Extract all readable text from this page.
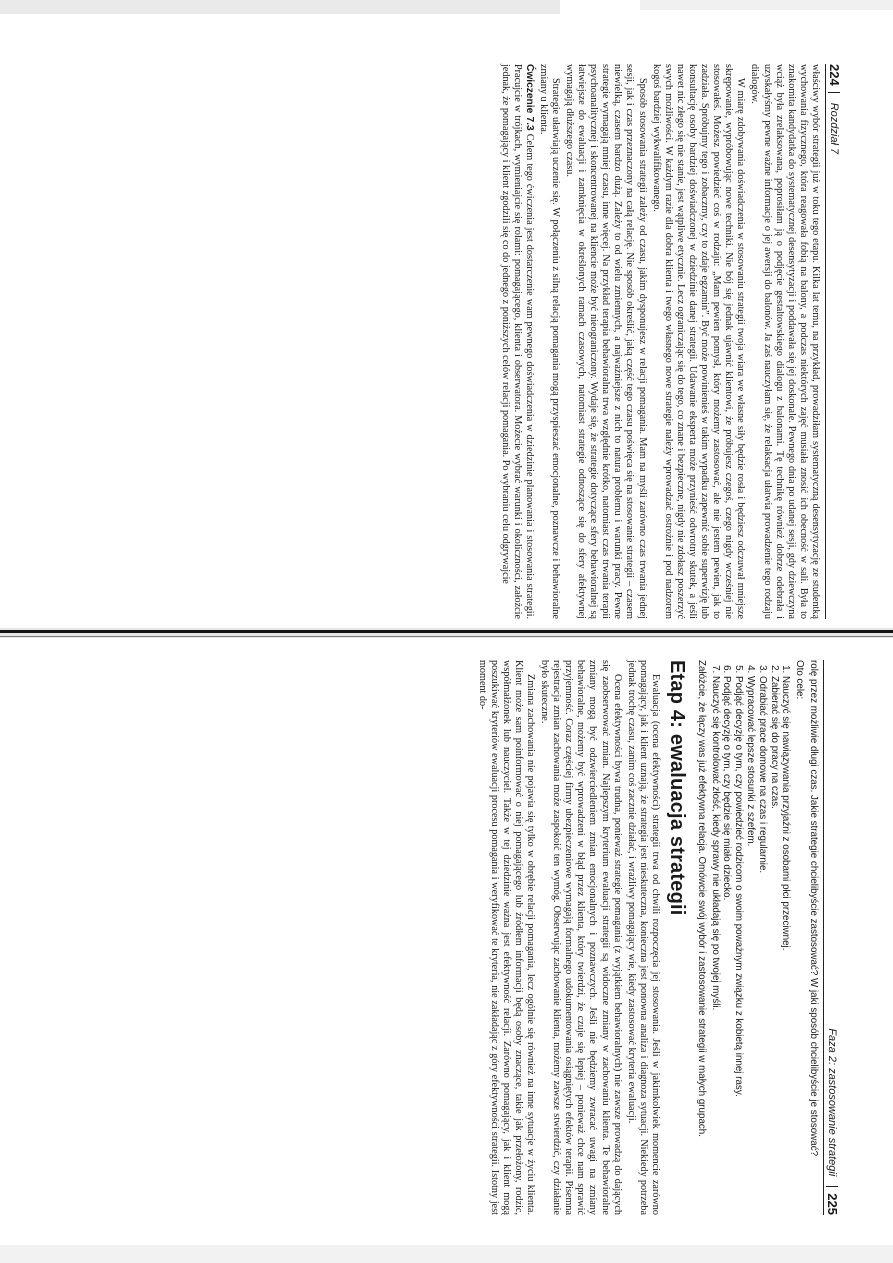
224
Rozdział 7

właściwy wybór strategii już w toku tego etapu. Kilka lat temu, na przykład, prowadziłam systematyczną desensytyzację ze studentką wychowania fizycznego, która reagowała fobią na balony, a podczas niektórych zajęć musiała znosić ich obecność w sali. Była to znakomita kandydatka do systematycznej desensytyzacji i poddawała się jej doskonale. Pewnego dnia po udanej sesji, gdy dziewczyna wciąż była zrelaksowana, poprosiłam ją o podjęcie gestaltowskiego dialogu z balonami. Tę technikę również dobrze odebrała i uzyskałyśmy pewne ważne informacje o jej awersji do balonów. Ja zaś nauczyłam się, że relaksacja ułatwia prowadzenie tego rodzaju dialogów.

W miarę zdobywania doświadczenia w stosowaniu strategii twoja wiara we własne siły będzie rosła i będziesz odczuwał mniejsze skrępowanie, wypróbowując nowe techniki. Nie bój się jednak ujawnić klientowi, że próbujesz czegoś, czego nigdy wcześniej nie stosowałeś. Możesz powiedzieć coś w rodzaju: „Mam pewien pomysł, który możemy zastosować, ale nie jestem pewien, jak to zadziała. Spróbujmy tego i zobaczmy, czy to zdaje egzamin”. Być może powinienieś w takim wypadku zapewnić sobie superwizję lub konsultację osoby bardziej doświadczonej w dziedzinie danej strategii. Udawanie eksperta może przynieść odwrotny skutek, a jeśli nawet nic złego się nie stanie, jest wątpliwe etycznie. Lecz ograniczając się do tego, co znane i bezpieczne, nigdy nie zdołasz poszerzyć swych możliwości. W każdym razie dla dobra klienta i twego własnego nowe strategie należy wprowadzać ostrożnie i pod nadzorem kogoś bardziej wykwalifikowanego.

Sposób stosowania strategii zależy od czasu, jakim dysponujesz w relacji pomagania. Mam na myśli zarówno czas trwania jednej sesji, jak i czas przeznaczony na całą relację. Nie sposób określić, jaką część tego czasu poświęca się na stosowanie strategii – czasem niewielką, czasem bardzo dużą. Zależy to od wielu zmiennych, a najważniejsze z nich to natura problemu i warunki pracy. Pewne strategie wymagają mniej czasu, inne więcej. Na przykład terapia behawioralna trwa względnie krótko, natomiast czas trwania terapii psychoanalitycznej i skoncentrowanej na kliencie może być nieograniczony. Wydaje się, że strategie dotyczące sfery behawioralnej są łatwiejsze do ewaluacji i zamknięcia w określonych ramach czasowych, natomiast strategie odnoszące się do sfery afektywnej wymagają dłuższego czasu.

Strategie ułatwiają uczenie się. W połączeniu z silną relacją pomagania mogą przyspieszać emocjonalne, poznawcze i behawioralne zmiany u klienta.

Ćwiczenie 7.3 Celem tego ćwiczenia jest dostarczenie wam pewnego doświadczenia w dziedzinie planowania i stosowania strategii. Pracujcie w trójkach, wymieniajcie się rolami: pomagającego, klienta i obserwatora. Możecie wybrać warunki i okoliczności, założcie jednak, że pomagający i klient zgodzili się co do jednego z poniższych celów relacji pomagania. Po wybraniu celu odgrywajcie

Faza 2: zastosowanie strategii
225

rolę przez możliwie długi czas. Jakie strategie chcielibyście zastosować? W jaki sposób chcielibyście je stosować?

Oto cele:

1. Nauczyć się nawiązywania przyjaźni z osobami płci przeciwnej.
2. Zabierać się do pracy na czas.
3. Odrabiać prace domowe na czas i regularnie.
4. Wypracować lepsze stosunki z szefem.
5. Podjąć decyzję o tym, czy powiedzieć rodzicom o swoim poważnym związku z kobietą innej rasy.
6. Podjąć decyzję o tym, czy będzie się miało dziecko.
7. Nauczyć się kontrolować złość, kiedy sprawy nie układają się po twojej myśli.

Załóżcie, że łączy was już efektywna relacja. Omówcie swój wybór i zastosowanie strategii w małych grupach.

Etap 4: ewaluacja strategii

Ewaluacja (ocena efektywności) strategii trwa od chwili rozpoczęcia jej stosowania. Jeśli w jakimkolwiek momencie zarówno pomagający, jak i klient uznają, że strategia jest nieskuteczna, konieczna jest ponowna analiza i diagnoza sytuacji. Niekiedy potrzeba jednak trochę czasu, zanim coś zacznie działać, i wrażliwy pomagający wie, kiedy zastosować kryteria ewaluacji.

Ocena efektywności bywa trudna, ponieważ strategie pomagania (z wyjątkiem behawioralnych) nie zawsze prowadzą do dających się zaobserwować zmian. Najlepszym kryterium ewaluacji strategii są widoczne zmiany w zachowaniu klienta. Te behawioralne zmiany mogą być odzwierciedleniem zmian emocjonalnych i poznawczych. Jeśli nie będziemy zwracać uwagi na zmiany behawioralne, możemy być wprowadzeni w błąd przez klienta, który twierdzi, że czuje się lepiej – ponieważ chce nam sprawić przyjemność. Coraz częściej firmy ubezpieczeniowe wymagają formalnego udokumentowania osiągniętych efektów terapii. Pisemna rejestracja zmian zachowania może zaspokoić ten wymóg. Obserwując zachowanie klienta, możemy zawsze stwierdzić, czy działanie było skuteczne.

Zmiana zachowania nie pojawia się tylko w obrębie relacji pomagania, lecz ogólnie się również na inne sytuacje w życiu klienta. Klient może sam poinformować o niej pomagającego lub źródłem informacji będą osoby znaczące, takie jak przełożony, rodzic, współmałżonek lub nauczyciel. Także w tej dziedzinie ważna jest efektywność relacji. Zarówno pomagający, jak i klient mogą poszukiwać kryteriów ewaluacji procesu pomagania i weryfikować te kryteria, nie zakładając z góry efektywności strategii. Istotny jest moment do-
